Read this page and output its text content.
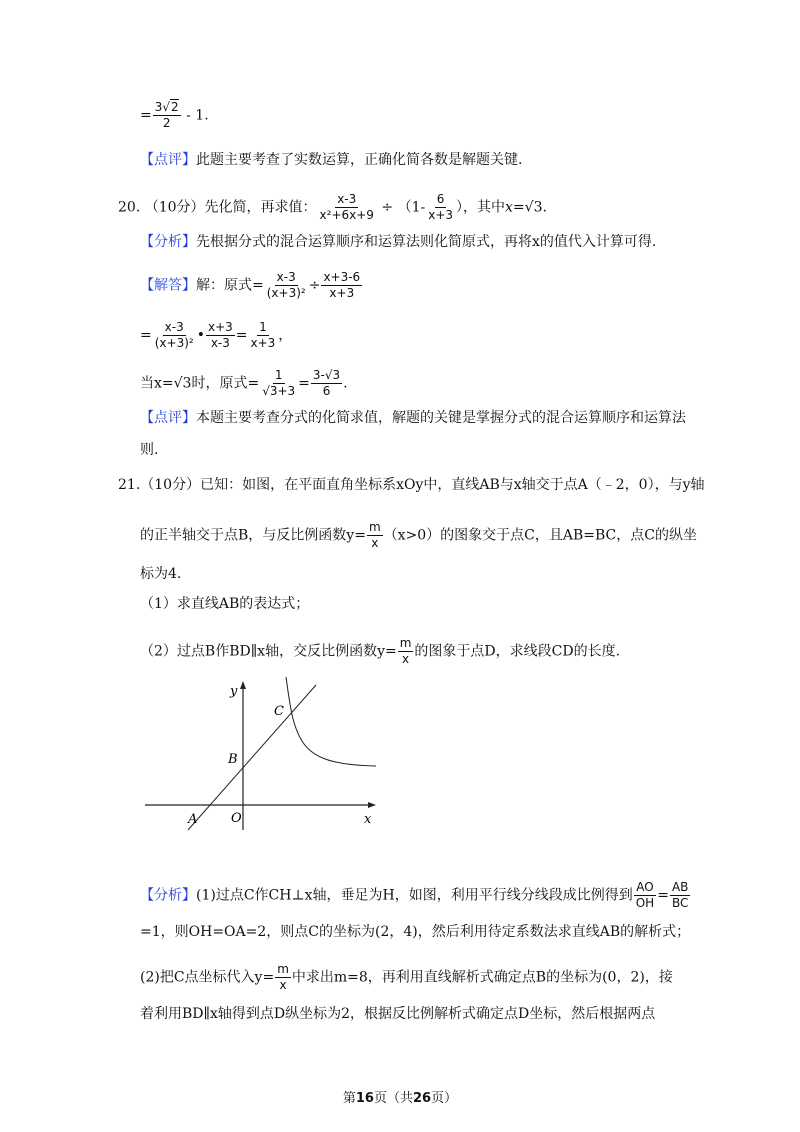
= $\frac{3√2}{2} - 1$.
【点评】此题主要考查了实数运算，正确化简各数是解题关键.
20. （10分）先化简，再求值： $\frac{x-3}{\text{x²+6x+9}} \div (1- \frac{6}{x+3}$ ），其中x=√3.
【分析】先根据分式的混合运算顺序和运算法则化简原式，再将x的值代入计算可得.
【解答】解：原式= $\frac{x-3}{\text{(x+3)²}} \div \frac{x+3-6}{x+3}$
= $\frac{x-3}{\text{(x+3)²}}$ • $\frac{x+3}{x-3} = \frac{1}{x+3}$ ，
当x=√3时，原式= $\frac{1}{√3+3} = \frac{3-√3}{6}$ .
【点评】本题主要考查分式的化简求值，解题的关键是掌握分式的混合运算顺序和运算法
则.
21.（10分）已知：如图，在平面直角坐标系xOy中，直线AB与x轴交于点A（﹣2，0），与y轴
的正半轴交于点B，与反比例函数$y= \frac{m}{x} (x>0)$的图象交于点C，且AB=BC，点C的纵坐
标为4.
（1）求直线AB的表达式；
（2）过点B作BD∥x轴，交反比例函数$y= \frac{m}{x}$ 的图象于点D，求线段CD的长度.
y
x
O
A
B
C
【分析】(1)过点C作CH⊥x轴，垂足为H，如图，利用平行线分线段成比例得到 $\frac{AO}{OH} = \frac{AB}{BC}$
=1，则OH=OA=2，则点C的坐标为(2，4)，然后利用待定系数法求直线AB的解析式；
(2)把C点坐标代入$y= \frac{m}{x}$ 中求出m=8，再利用直线解析式确定点B的坐标为(0，2)，接
着利用BD∥x轴得到点D纵坐标为2，根据反比例解析式确定点D坐标，然后根据两点
第16页（共26页）
